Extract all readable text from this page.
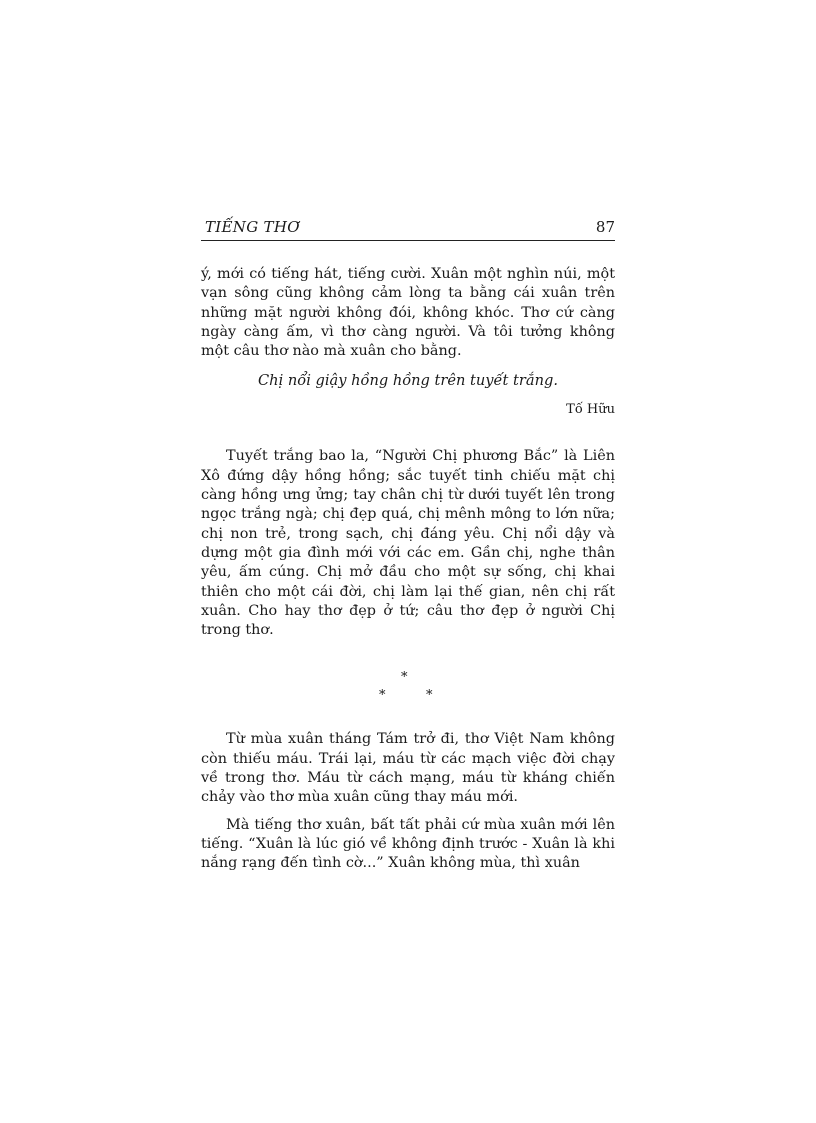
TIẾNG THƠ	87

ý, mới có tiếng hát, tiếng cười. Xuân một nghìn núi, một vạn sông cũng không cảm lòng ta bằng cái xuân trên những mặt người không đói, không khóc. Thơ cứ càng ngày càng ấm, vì thơ càng người. Và tôi tưởng không một câu thơ nào mà xuân cho bằng.

Chị nổi giậy hồng hồng trên tuyết trắng.

Tố Hữu

Tuyết trắng bao la, “Người Chị phương Bắc” là Liên Xô đứng dậy hồng hồng; sắc tuyết tinh chiếu mặt chị càng hồng ưng ửng; tay chân chị từ dưới tuyết lên trong ngọc trắng ngà; chị đẹp quá, chị mênh mông to lớn nữa; chị non trẻ, trong sạch, chị đáng yêu. Chị nổi dậy và dựng một gia đình mới với các em. Gần chị, nghe thân yêu, ấm cúng. Chị mở đầu cho một sự sống, chị khai thiên cho một cái đời, chị làm lại thế gian, nên chị rất xuân. Cho hay thơ đẹp ở tứ; câu thơ đẹp ở người Chị trong thơ.

*
*	*

Từ mùa xuân tháng Tám trở đi, thơ Việt Nam không còn thiếu máu. Trái lại, máu từ các mạch việc đời chạy về trong thơ. Máu từ cách mạng, máu từ kháng chiến chảy vào thơ mùa xuân cũng thay máu mới.

Mà tiếng thơ xuân, bất tất phải cứ mùa xuân mới lên tiếng. “Xuân là lúc gió về không định trước - Xuân là khi nắng rạng đến tình cờ...” Xuân không mùa, thì xuân
